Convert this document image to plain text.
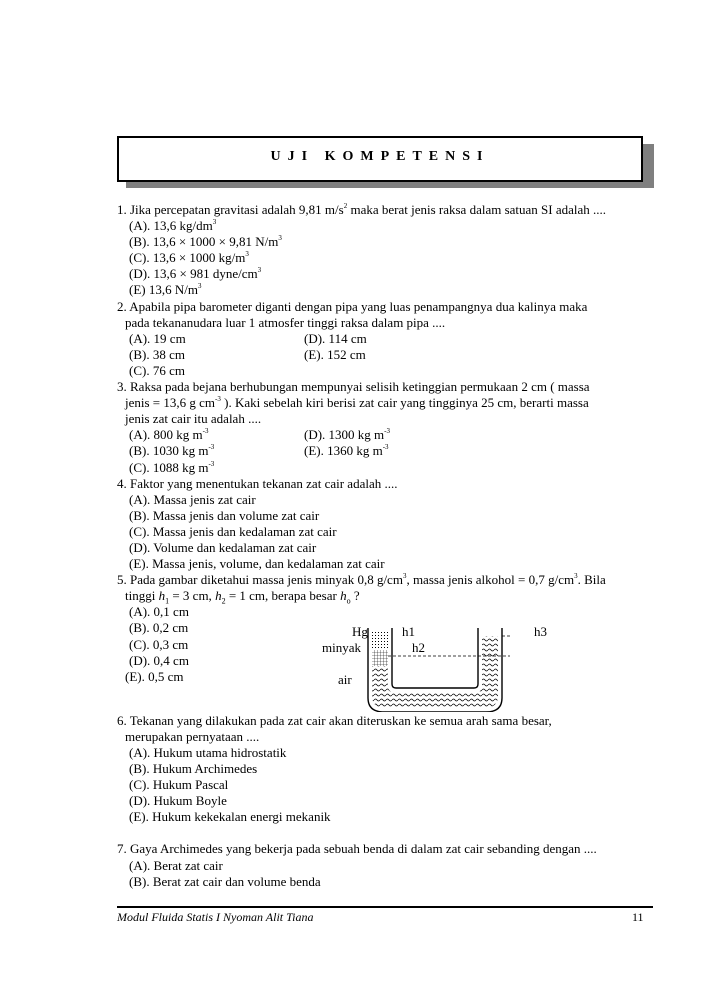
UJI KOMPETENSI
1. Jika percepatan gravitasi adalah 9,81 $m/s^2$ maka berat jenis raksa dalam satuan SI adalah ....
(A). 13,6 $kg/dm^3$
(B). 13,6 × 1000 × 9,81 $N/m^3$
(C). 13,6 × 1000 $kg/m^3$
(D). 13,6 × 981 dyne/$cm^3$
(E) 13,6 $N/m^3$
2. Apabila pipa barometer diganti dengan pipa yang luas penampangnya dua kalinya maka
pada tekananudara luar 1 atmosfer tinggi raksa dalam pipa ....
(A). 19 cm	(D). 114 cm
(B). 38 cm	(E). 152 cm
(C). 76 cm
3. Raksa pada bejana berhubungan mempunyai selisih ketinggian permukaan 2 cm ( massa
jenis = 13,6 g $cm^{-3}$ ). Kaki sebelah kiri berisi zat cair yang tingginya 25 cm, berarti massa
jenis zat cair itu adalah ....
(A). 800 kg $m^{-3}$	(D). 1300 kg $m^{-3}$
(B). 1030 kg $m^{-3}$	(E). 1360 kg $m^{-3}$
(C). 1088 kg $m^{-3}$
4. Faktor yang menentukan tekanan zat cair adalah ....
(A). Massa jenis zat cair
(B). Massa jenis dan volume zat cair
(C). Massa jenis dan kedalaman zat cair
(D). Volume dan kedalaman zat cair
(E). Massa jenis, volume, dan kedalaman zat cair
5. Pada gambar diketahui massa jenis minyak 0,8 $g/cm^3$, massa jenis alkohol = 0,7 $g/cm^3$. Bila
tinggi $h_1 = 3$ cm, $h_2 = 1$ cm, berapa besar $h_o$ ?
(A). 0,1 cm
(B). 0,2 cm
(C). 0,3 cm
(D). 0,4 cm
(E). 0,5 cm
6. Tekanan yang dilakukan pada zat cair akan diteruskan ke semua arah sama besar,
merupakan pernyataan ....
(A). Hukum utama hidrostatik
(B). Hukum Archimedes
(C). Hukum Pascal
(D). Hukum Boyle
(E). Hukum kekekalan energi mekanik
7. Gaya Archimedes yang bekerja pada sebuah benda di dalam zat cair sebanding dengan ....
(A). Berat zat cair
(B). Berat zat cair dan volume benda
Hg	h1	h3
minyak	h2
air
Modul Fluida Statis I Nyoman Alit Tiana	11
